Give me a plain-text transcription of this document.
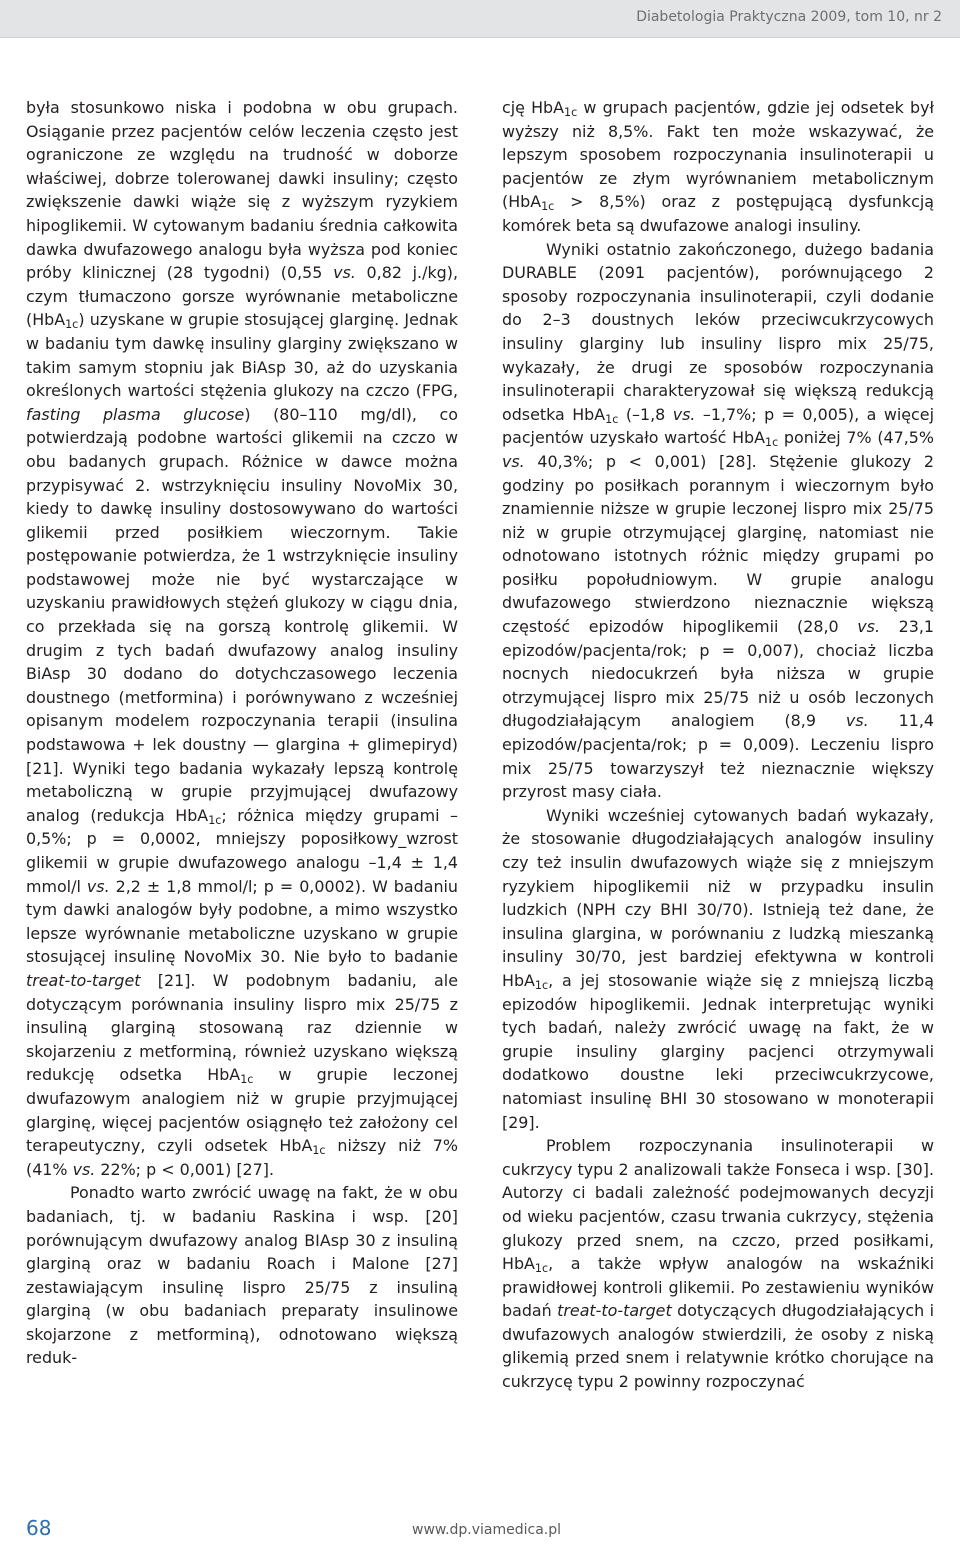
Diabetologia Praktyczna 2009, tom 10, nr 2

była stosunkowo niska i podobna w obu grupach. Osiąganie przez pacjentów celów leczenia często jest ograniczone ze względu na trudność w doborze właściwej, dobrze tolerowanej dawki insuliny; często zwiększenie dawki wiąże się z wyższym ryzykiem hipoglikemii. W cytowanym badaniu średnia całkowita dawka dwufazowego analogu była wyższa pod koniec próby klinicznej (28 tygodni) (0,55 vs. 0,82 j./kg), czym tłumaczono gorsze wyrównanie metaboliczne (HbA$_{1c}$) uzyskane w grupie stosującej glarginę. Jednak w badaniu tym dawkę insuliny glarginy zwiększano w takim samym stopniu jak BiAsp 30, aż do uzyskania określonych wartości stężenia glukozy na czczo (FPG, fasting plasma glucose) (80–110 mg/dl), co potwierdzają podobne wartości glikemii na czczo w obu badanych grupach. Różnice w dawce można przypisywać 2. wstrzyknięciu insuliny NovoMix 30, kiedy to dawkę insuliny dostosowywano do wartości glikemii przed posiłkiem wieczornym. Takie postępowanie potwierdza, że 1 wstrzyknięcie insuliny podstawowej może nie być wystarczające w uzyskaniu prawidłowych stężeń glukozy w ciągu dnia, co przekłada się na gorszą kontrolę glikemii. W drugim z tych badań dwufazowy analog insuliny BiAsp 30 dodano do dotychczasowego leczenia doustnego (metformina) i porównywano z wcześniej opisanym modelem rozpoczynania terapii (insulina podstawowa + lek doustny — glargina + glimepiryd) [21]. Wyniki tego badania wykazały lepszą kontrolę metaboliczną w grupie przyjmującej dwufazowy analog (redukcja HbA$_{1c}$; różnica między grupami –0,5%; p = 0,0002, mniejszy poposiłkowy_wzrost glikemii w grupie dwufazowego analogu –1,4 ± 1,4 mmol/l vs. 2,2 ± 1,8 mmol/l; p = 0,0002). W badaniu tym dawki analogów były podobne, a mimo wszystko lepsze wyrównanie metaboliczne uzyskano w grupie stosującej insulinę NovoMix 30. Nie było to badanie treat-to-target [21]. W podobnym badaniu, ale dotyczącym porównania insuliny lispro mix 25/75 z insuliną glarginą stosowaną raz dziennie w skojarzeniu z metforminą, również uzyskano większą redukcję odsetka HbA$_{1c}$ w grupie leczonej dwufazowym analogiem niż w grupie przyjmującej glarginę, więcej pacjentów osiągnęło też założony cel terapeutyczny, czyli odsetek HbA$_{1c}$ niższy niż 7% (41% vs. 22%; p < 0,001) [27].

Ponadto warto zwrócić uwagę na fakt, że w obu badaniach, tj. w badaniu Raskina i wsp. [20] porównującym dwufazowy analog BIAsp 30 z insuliną glarginą oraz w badaniu Roach i Malone [27] zestawiającym insulinę lispro 25/75 z insuliną glarginą (w obu badaniach preparaty insulinowe skojarzone z metforminą), odnotowano większą reduk-

cję HbA$_{1c}$ w grupach pacjentów, gdzie jej odsetek był wyższy niż 8,5%. Fakt ten może wskazywać, że lepszym sposobem rozpoczynania insulinoterapii u pacjentów ze złym wyrównaniem metabolicznym (HbA$_{1c}$ > 8,5%) oraz z postępującą dysfunkcją komórek beta są dwufazowe analogi insuliny.

Wyniki ostatnio zakończonego, dużego badania DURABLE (2091 pacjentów), porównującego 2 sposoby rozpoczynania insulinoterapii, czyli dodanie do 2–3 doustnych leków przeciwcukrzycowych insuliny glarginy lub insuliny lispro mix 25/75, wykazały, że drugi ze sposobów rozpoczynania insulinoterapii charakteryzował się większą redukcją odsetka HbA$_{1c}$ (–1,8 vs. –1,7%; p = 0,005), a więcej pacjentów uzyskało wartość HbA$_{1c}$ poniżej 7% (47,5% vs. 40,3%; p < 0,001) [28]. Stężenie glukozy 2 godziny po posiłkach porannym i wieczornym było znamiennie niższe w grupie leczonej lispro mix 25/75 niż w grupie otrzymującej glarginę, natomiast nie odnotowano istotnych różnic między grupami po posiłku popołudniowym. W grupie analogu dwufazowego stwierdzono nieznacznie większą częstość epizodów hipoglikemii (28,0 vs. 23,1 epizodów/pacjenta/rok; p = 0,007), chociaż liczba nocnych niedocukrzeń była niższa w grupie otrzymującej lispro mix 25/75 niż u osób leczonych długodziałającym analogiem (8,9 vs. 11,4 epizodów/pacjenta/rok; p = 0,009). Leczeniu lispro mix 25/75 towarzyszył też nieznacznie większy przyrost masy ciała.

Wyniki wcześniej cytowanych badań wykazały, że stosowanie długodziałających analogów insuliny czy też insulin dwufazowych wiąże się z mniejszym ryzykiem hipoglikemii niż w przypadku insulin ludzkich (NPH czy BHI 30/70). Istnieją też dane, że insulina glargina, w porównaniu z ludzką mieszanką insuliny 30/70, jest bardziej efektywna w kontroli HbA$_{1c}$, a jej stosowanie wiąże się z mniejszą liczbą epizodów hipoglikemii. Jednak interpretując wyniki tych badań, należy zwrócić uwagę na fakt, że w grupie insuliny glarginy pacjenci otrzymywali dodatkowo doustne leki przeciwcukrzycowe, natomiast insulinę BHI 30 stosowano w monoterapii [29].

Problem rozpoczynania insulinoterapii w cukrzycy typu 2 analizowali także Fonseca i wsp. [30]. Autorzy ci badali zależność podejmowanych decyzji od wieku pacjentów, czasu trwania cukrzycy, stężenia glukozy przed snem, na czczo, przed posiłkami, HbA$_{1c}$, a także wpływ analogów na wskaźniki prawidłowej kontroli glikemii. Po zestawieniu wyników badań treat-to-target dotyczących długodziałających i dwufazowych analogów stwierdzili, że osoby z niską glikemią przed snem i relatywnie krótko chorujące na cukrzycę typu 2 powinny rozpoczynać

68	www.dp.viamedica.pl
